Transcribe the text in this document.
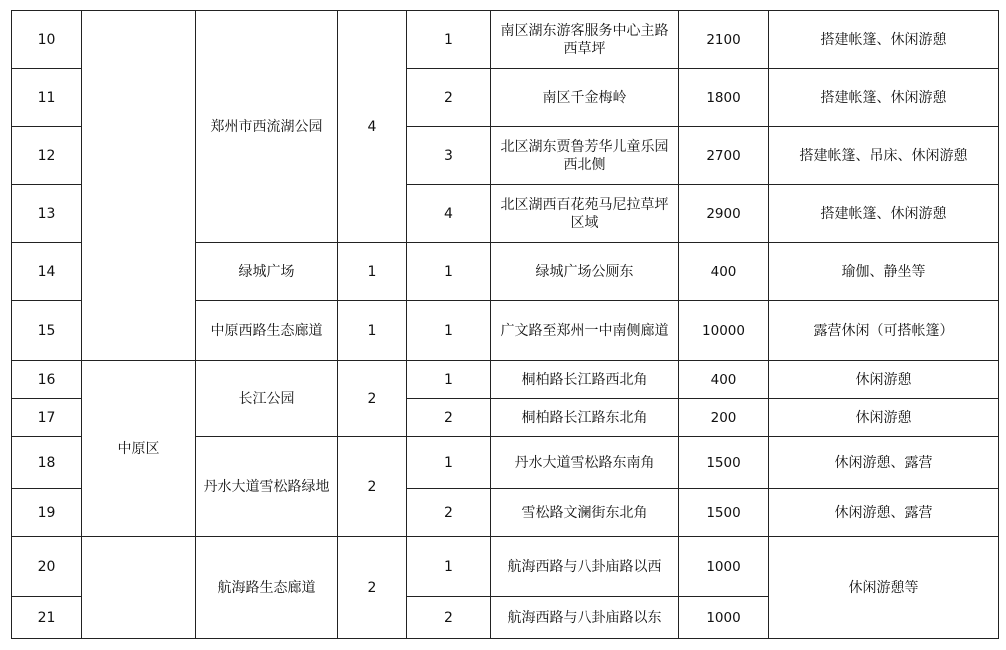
10		郑州市西流湖公园	4	1	南区湖东游客服务中心主路西草坪	2100	搭建帐篷、休闲游憩
11				2	南区千金梅岭	1800	搭建帐篷、休闲游憩
12				3	北区湖东贾鲁芳华儿童乐园西北侧	2700	搭建帐篷、吊床、休闲游憩
13				4	北区湖西百花苑马尼拉草坪区域	2900	搭建帐篷、休闲游憩
14		绿城广场	1	1	绿城广场公厕东	400	瑜伽、静坐等
15		中原西路生态廊道	1	1	广文路至郑州一中南侧廊道	10000	露营休闲（可搭帐篷）
16	中原区	长江公园	2	1	桐柏路长江路西北角	400	休闲游憩
17				2	桐柏路长江路东北角	200	休闲游憩
18		丹水大道雪松路绿地	2	1	丹水大道雪松路东南角	1500	休闲游憩、露营
19				2	雪松路文澜街东北角	1500	休闲游憩、露营
20		航海路生态廊道	2	1	航海西路与八卦庙路以西	1000	休闲游憩等
21				2	航海西路与八卦庙路以东	1000	
